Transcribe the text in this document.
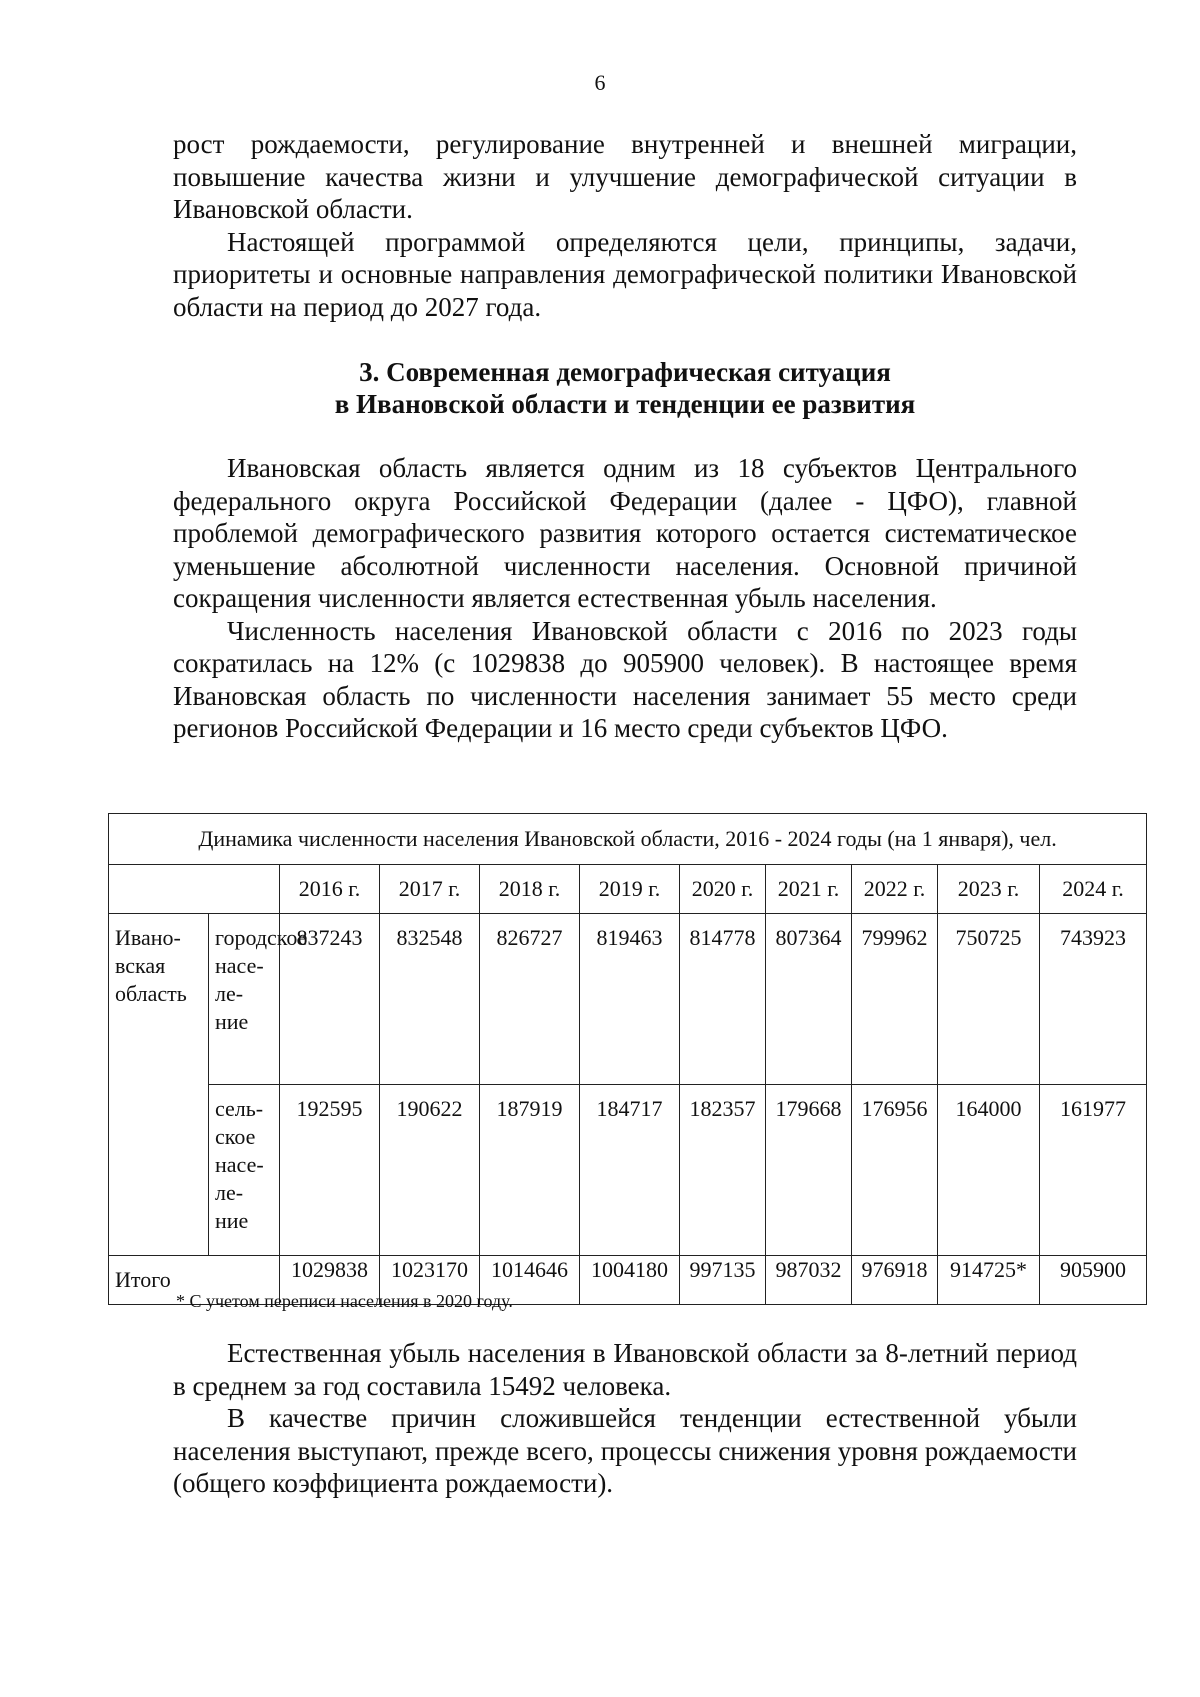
6

рост рождаемости, регулирование внутренней и внешней миграции, повышение качества жизни и улучшение демографической ситуации в Ивановской области.

Настоящей программой определяются цели, принципы, задачи, приоритеты и основные направления демографической политики Ивановской области на период до 2027 года.

3. Современная демографическая ситуация
в Ивановской области и тенденции ее развития

Ивановская область является одним из 18 субъектов Центрального федерального округа Российской Федерации (далее - ЦФО), главной проблемой демографического развития которого остается систематическое уменьшение абсолютной численности населения. Основной причиной сокращения численности является естественная убыль населения.

Численность населения Ивановской области с 2016 по 2023 годы сократилась на 12% (с 1029838 до 905900 человек). В настоящее время Ивановская область по численности населения занимает 55 место среди регионов Российской Федерации и 16 место среди субъектов ЦФО.

Динамика численности населения Ивановской области, 2016 - 2024 годы (на 1 января), чел.										
		2016 г.	2017 г.	2018 г.	2019 г.	2020 г.	2021 г.	2022 г.	2023 г.	2024 г.
Ивано-вская область	городское насе-ле-ние	837243	832548	826727	819463	814778	807364	799962	750725	743923
	сель-ское насе-ле-ние	192595	190622	187919	184717	182357	179668	176956	164000	161977
Итого		1029838	1023170	1014646	1004180	997135	987032	976918	914725*	905900
* С учетом переписи населения в 2020 году.

Естественная убыль населения в Ивановской области за 8-летний период в среднем за год составила 15492 человека.

В качестве причин сложившейся тенденции естественной убыли населения выступают, прежде всего, процессы снижения уровня рождаемости (общего коэффициента рождаемости).
